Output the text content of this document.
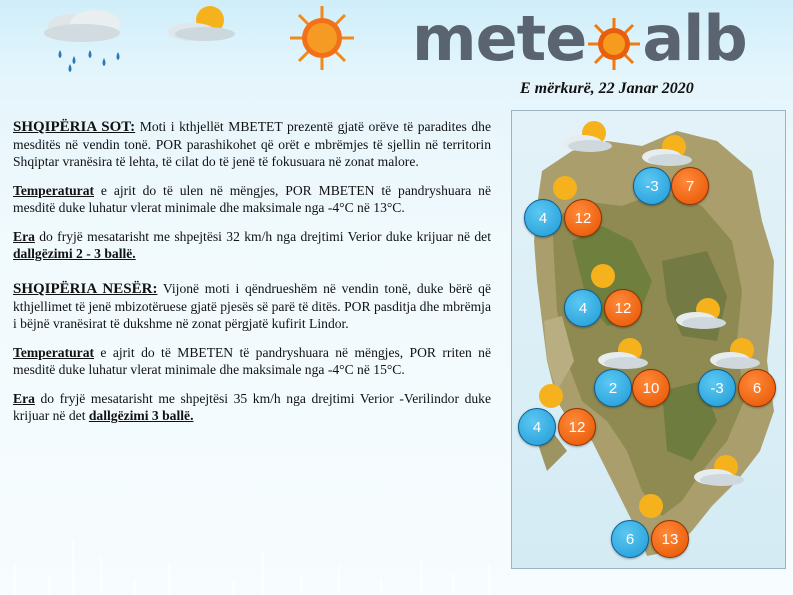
mete alb
E mërkurë, 22 Janar 2020

SHQIPËRIA SOT: Moti i kthjellët MBETET prezentë gjatë orëve të paradites dhe mesditës në vendin tonë. POR parashikohet që orët e mbrëmjes të sjellin në territorin Shqiptar vranësira të lehta, të cilat do të jenë të fokusuara në zonat malore.

Temperaturat e ajrit do të ulen në mëngjes, POR MBETEN të pandryshuara në mesditë duke luhatur vlerat minimale dhe maksimale nga -4°C në 13°C.

Era do fryjë mesatarisht me shpejtësi 32 km/h nga drejtimi Verior duke krijuar në det dallgëzimi 2 - 3 ballë.

SHQIPËRIA NESËR: Vijonë moti i qëndrueshëm në vendin tonë, duke bërë që kthjellimet të jenë mbizotëruese gjatë pjesës së parë të ditës. POR pasditja dhe mbrëmja i bëjnë vranësirat të dukshme në zonat përgjatë kufirit Lindor.

Temperaturat e ajrit do të MBETEN të pandryshuara në mëngjes, POR rriten në mesditë duke luhatur vlerat minimale dhe maksimale nga -4°C në 15°C.

Era do fryjë mesatarisht me shpejtësi 35 km/h nga drejtimi Verior -Verilindor duke krijuar në det dallgëzimi 3 ballë.

-3	7
4	12
4	12
2	10	-3	6
4	12
6	13
